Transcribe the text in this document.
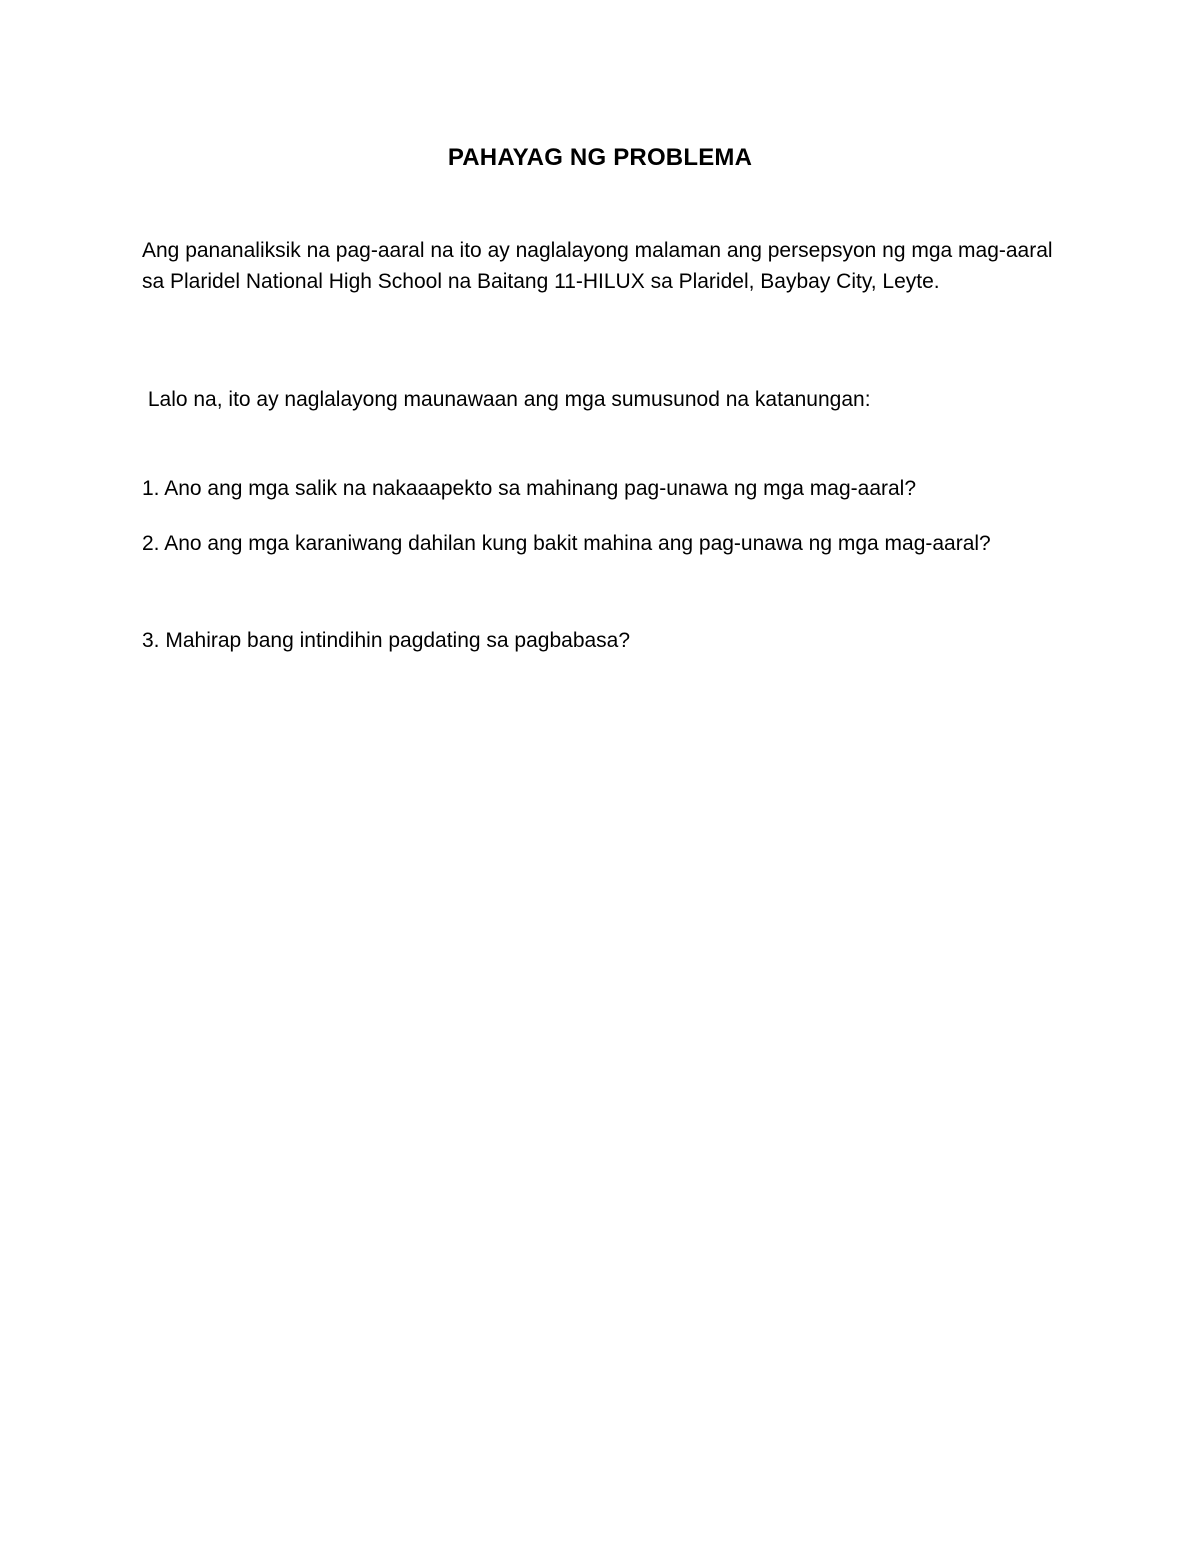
PAHAYAG NG PROBLEMA

Ang pananaliksik na pag-aaral na ito ay naglalayong malaman ang persepsyon ng mga mag-aaral sa Plaridel National High School na Baitang 11-HILUX sa Plaridel, Baybay City, Leyte.

Lalo na, ito ay naglalayong maunawaan ang mga sumusunod na katanungan:

1. Ano ang mga salik na nakaaapekto sa mahinang pag-unawa ng mga mag-aaral?

2. Ano ang mga karaniwang dahilan kung bakit mahina ang pag-unawa ng mga mag-aaral?

3. Mahirap bang intindihin pagdating sa pagbabasa?
